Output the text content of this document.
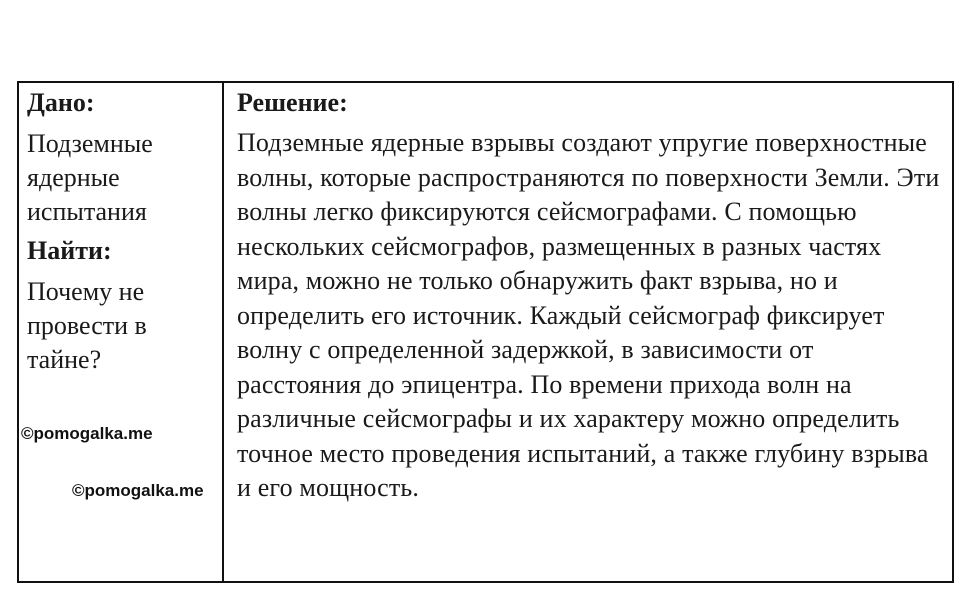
Дано:

Подземные ядерные испытания

Найти:

Почему не провести в тайне?

Решение:

Подземные ядерные взрывы создают упругие поверхностные волны, которые распространяются по поверхности Земли. Эти волны легко фиксируются сейсмографами. С помощью нескольких сейсмографов, размещенных в разных частях мира, можно не только обнаружить факт взрыва, но и определить его источник. Каждый сейсмограф фиксирует волну с определенной задержкой, в зависимости от расстояния до эпицентра. По времени прихода волн на различные сейсмографы и их характеру можно определить точное место проведения испытаний, а также глубину взрыва и его мощность.

©pomogalka.me
©pomogalka.me
